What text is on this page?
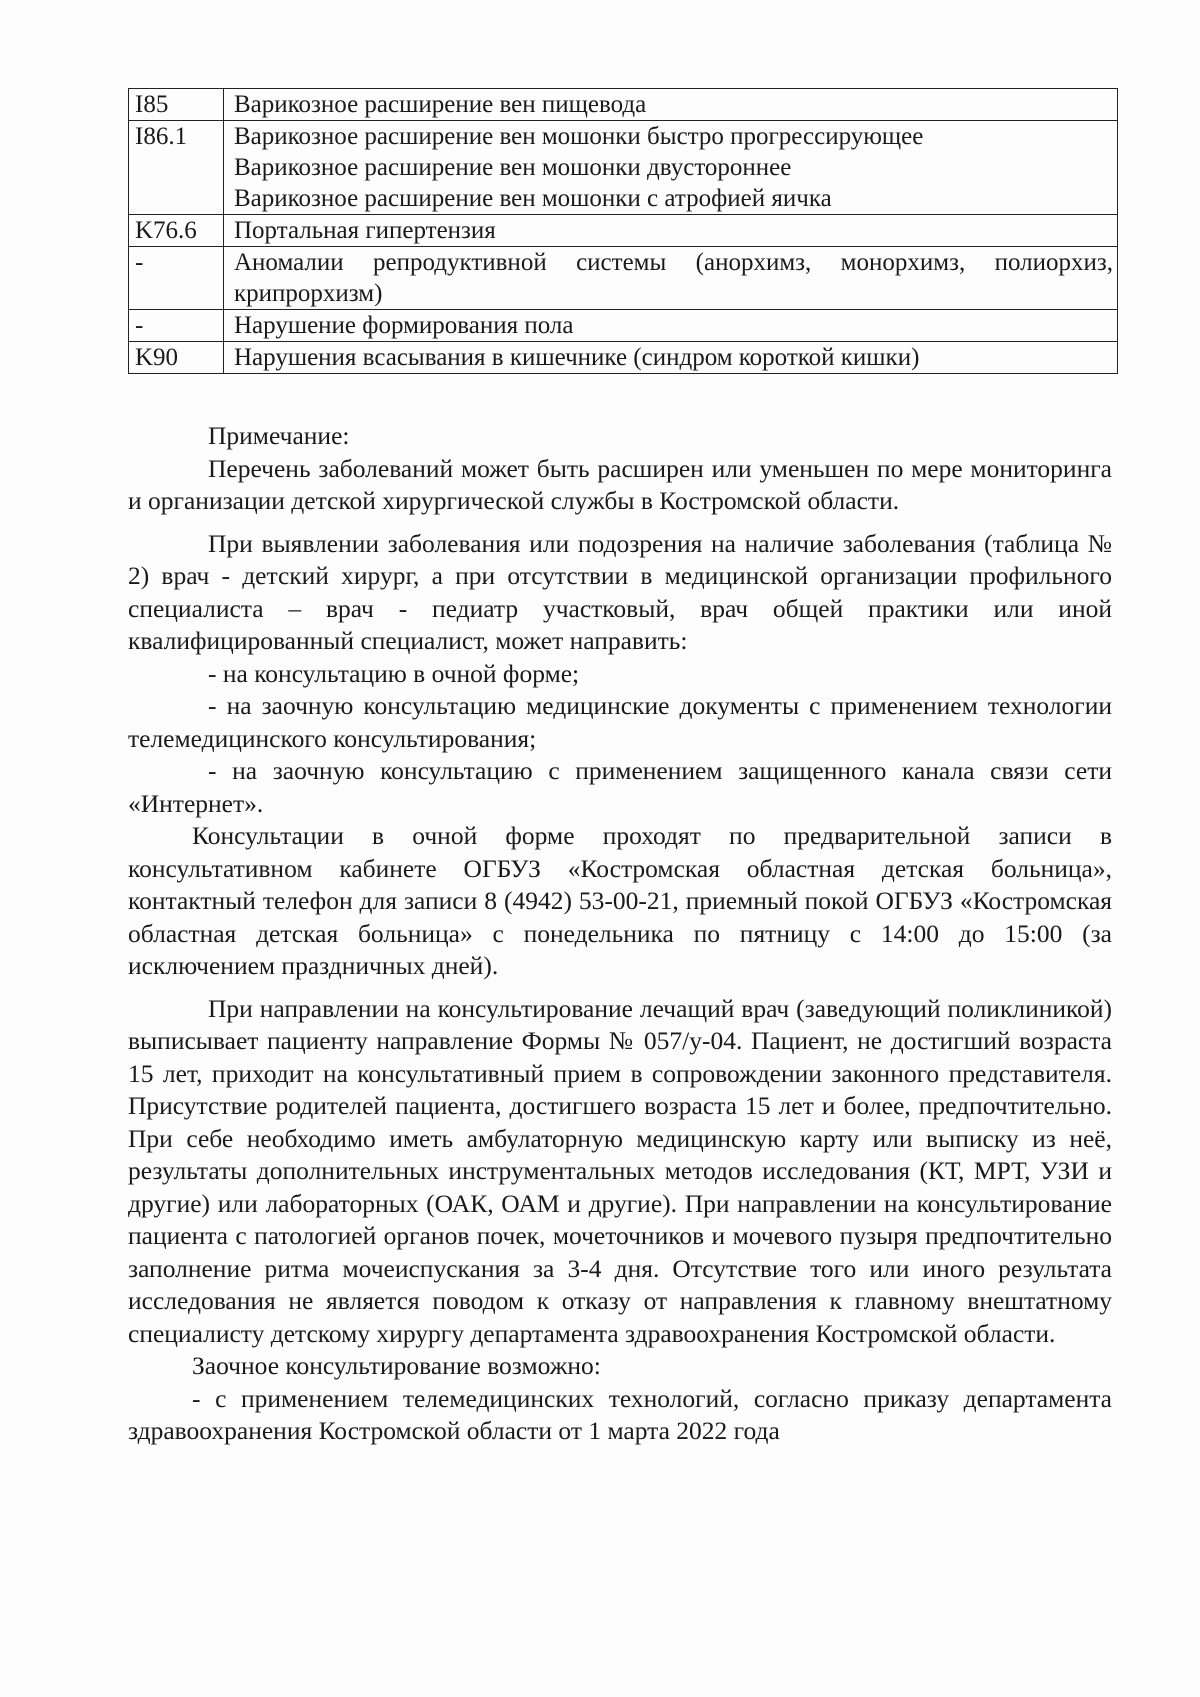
I85	Варикозное расширение вен пищевода

I86.1	Варикозное расширение вен мошонки быстро прогрессирующее
Варикозное расширение вен мошонки двустороннее
Варикозное расширение вен мошонки с атрофией яичка

K76.6	Портальная гипертензия

-	Аномалии репродуктивной системы (анорхимз, монорхимз, полиорхиз, крипрорхизм)
-	Нарушение формирования пола

K90	Нарушения всасывания в кишечнике (синдром короткой кишки)

Примечание:

Перечень заболеваний может быть расширен или уменьшен по мере мониторинга и организации детской хирургической службы в Костромской области.

При выявлении заболевания или подозрения на наличие заболевания (таблица № 2) врач - детский хирург, а при отсутствии в медицинской организации профильного специалиста – врач - педиатр участковый, врач общей практики или иной квалифицированный специалист, может направить:

- на консультацию в очной форме;

- на заочную консультацию медицинские документы с применением технологии телемедицинского консультирования;

- на заочную консультацию с применением защищенного канала связи сети «Интернет».

Консультации в очной форме проходят по предварительной записи в консультативном кабинете ОГБУЗ «Костромская областная детская больница», контактный телефон для записи 8 (4942) 53-00-21, приемный покой ОГБУЗ «Костромская областная детская больница» с понедельника по пятницу с 14:00 до 15:00 (за исключением праздничных дней).

При направлении на консультирование лечащий врач (заведующий поликлиникой) выписывает пациенту направление Формы № 057/у-04. Пациент, не достигший возраста 15 лет, приходит на консультативный прием в сопровождении законного представителя. Присутствие родителей пациента, достигшего возраста 15 лет и более, предпочтительно. При себе необходимо иметь амбулаторную медицинскую карту или выписку из неё, результаты дополнительных инструментальных методов исследования (КТ, МРТ, УЗИ и другие) или лабораторных (ОАК, ОАМ и другие). При направлении на консультирование пациента с патологией органов почек, мочеточников и мочевого пузыря предпочтительно заполнение ритма мочеиспускания за 3-4 дня. Отсутствие того или иного результата исследования не является поводом к отказу от направления к главному внештатному специалисту детскому хирургу департамента здравоохранения Костромской области.

Заочное консультирование возможно:

- с применением телемедицинских технологий, согласно приказу департамента здравоохранения Костромской области от 1 марта 2022 года
